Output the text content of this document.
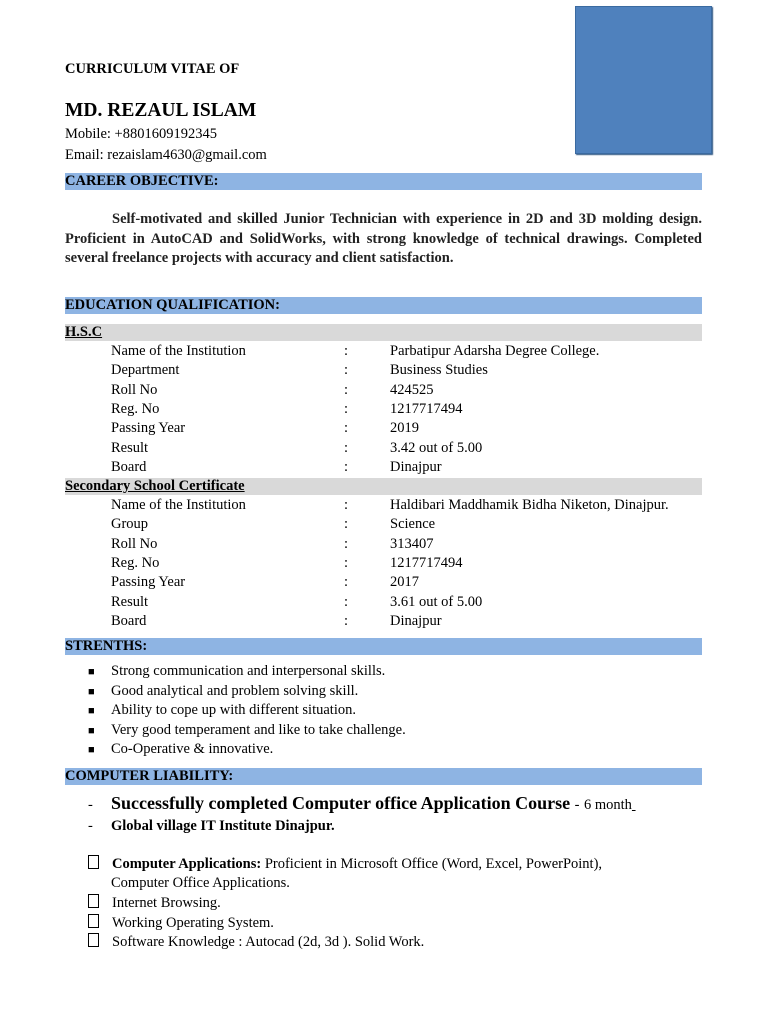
CURRICULUM VITAE OF
MD. REZAUL ISLAM
Mobile: +8801609192345
Email: rezaislam4630@gmail.com
CAREER OBJECTIVE:
Self-motivated and skilled Junior Technician with experience in 2D and 3D molding design. Proficient in AutoCAD and SolidWorks, with strong knowledge of technical drawings. Completed several freelance projects with accuracy and client satisfaction.
EDUCATION QUALIFICATION:
H.S.C
Name of the Institution	:	Parbatipur Adarsha Degree College.
Department	:	Business Studies
Roll No	:	424525
Reg. No	:	1217717494
Passing Year	:	2019
Result	:	3.42 out of 5.00
Board	:	Dinajpur
Secondary School Certificate
Name of the Institution	:	Haldibari Maddhamik Bidha Niketon, Dinajpur.
Group	:	Science
Roll No	:	313407
Reg. No	:	1217717494
Passing Year	:	2017
Result	:	3.61 out of 5.00
Board	:	Dinajpur
STRENTHS:
■ Strong communication and interpersonal skills.
■ Good analytical and problem solving skill.
■ Ability to cope up with different situation.
■ Very good temperament and like to take challenge.
■ Co-Operative & innovative.
COMPUTER LIABILITY:
- Successfully completed Computer office Application Course - 6 month
- Global village IT Institute Dinajpur.
Computer Applications: Proficient in Microsoft Office (Word, Excel, PowerPoint),
Computer Office Applications.
Internet Browsing.
Working Operating System.
Software Knowledge : Autocad (2d, 3d ). Solid Work.
